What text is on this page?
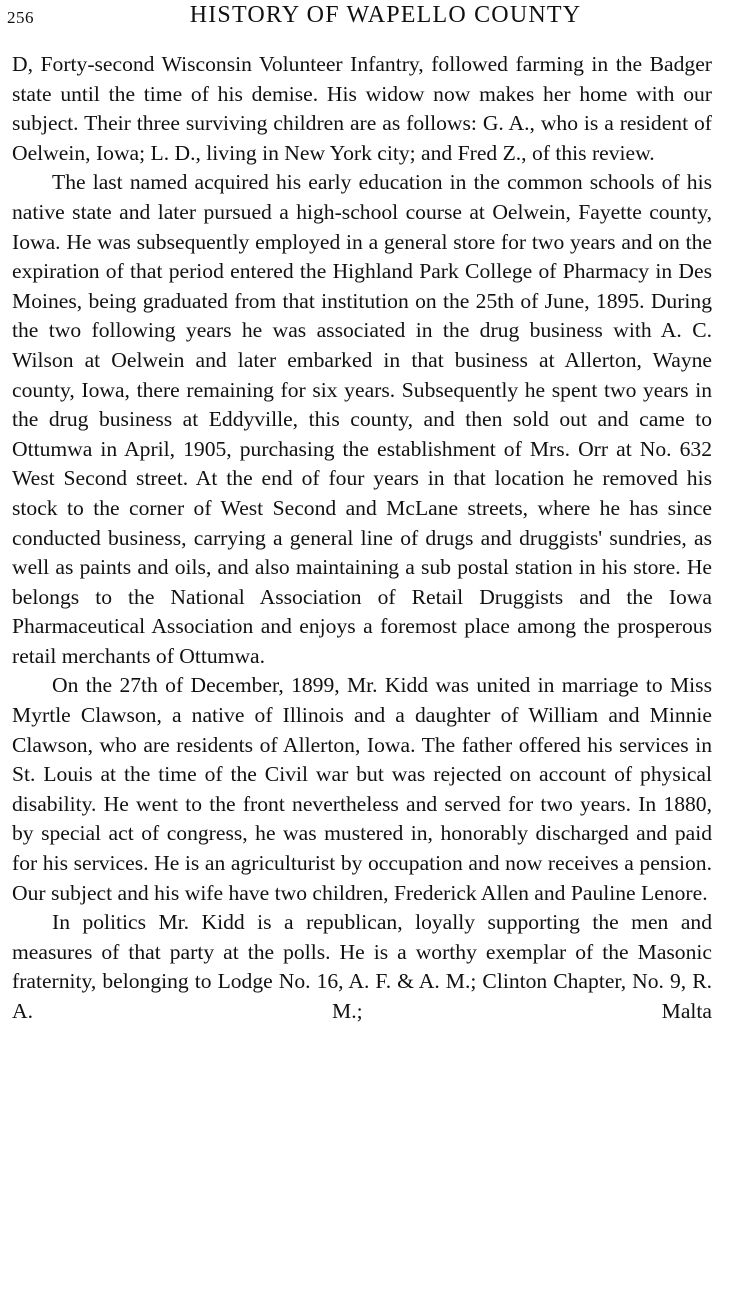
256	HISTORY OF WAPELLO COUNTY

D, Forty-second Wisconsin Volunteer Infantry, followed farming in the Badger state until the time of his demise. His widow now makes her home with our subject. Their three surviving children are as follows: G. A., who is a resident of Oelwein, Iowa; L. D., living in New York city; and Fred Z., of this review.

The last named acquired his early education in the common schools of his native state and later pursued a high-school course at Oelwein, Fayette county, Iowa. He was subsequently employed in a general store for two years and on the expiration of that period entered the Highland Park College of Pharmacy in Des Moines, being graduated from that institution on the 25th of June, 1895. During the two following years he was associated in the drug business with A. C. Wilson at Oelwein and later embarked in that business at Allerton, Wayne county, Iowa, there remaining for six years. Subsequently he spent two years in the drug business at Eddyville, this county, and then sold out and came to Ottumwa in April, 1905, purchasing the establishment of Mrs. Orr at No. 632 West Second street. At the end of four years in that location he removed his stock to the corner of West Second and McLane streets, where he has since conducted business, carrying a general line of drugs and druggists' sundries, as well as paints and oils, and also maintaining a sub postal station in his store. He belongs to the National Association of Retail Druggists and the Iowa Pharmaceutical Association and enjoys a foremost place among the prosperous retail merchants of Ottumwa.

On the 27th of December, 1899, Mr. Kidd was united in marriage to Miss Myrtle Clawson, a native of Illinois and a daughter of William and Minnie Clawson, who are residents of Allerton, Iowa. The father offered his services in St. Louis at the time of the Civil war but was rejected on account of physical disability. He went to the front nevertheless and served for two years. In 1880, by special act of congress, he was mustered in, honorably discharged and paid for his services. He is an agriculturist by occupation and now receives a pension. Our subject and his wife have two children, Frederick Allen and Pauline Lenore.

In politics Mr. Kidd is a republican, loyally supporting the men and measures of that party at the polls. He is a worthy exemplar of the Masonic fraternity, belonging to Lodge No. 16, A. F. & A. M.; Clinton Chapter, No. 9, R. A. M.; Malta
